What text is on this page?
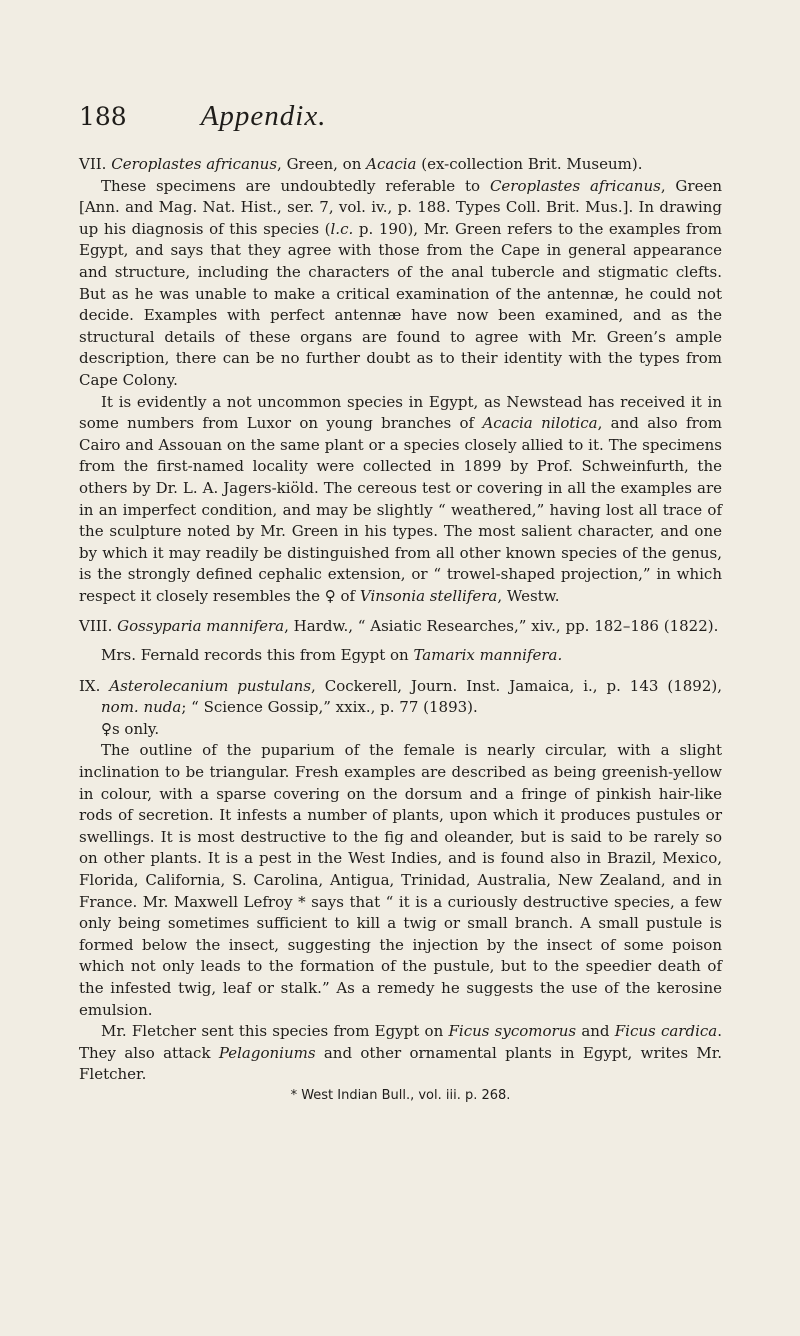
188	Appendix.

VII. Ceroplastes africanus, Green, on Acacia (ex-collection Brit. Museum).

These specimens are undoubtedly referable to Ceroplastes africanus, Green [Ann. and Mag. Nat. Hist., ser. 7, vol. iv., p. 188. Types Coll. Brit. Mus.]. In drawing up his diagnosis of this species (l.c. p. 190), Mr. Green refers to the examples from Egypt, and says that they agree with those from the Cape in general appearance and structure, including the characters of the anal tubercle and stigmatic clefts. But as he was unable to make a critical examination of the antennæ, he could not decide. Examples with perfect antennæ have now been examined, and as the structural details of these organs are found to agree with Mr. Green’s ample description, there can be no further doubt as to their identity with the types from Cape Colony.

It is evidently a not uncommon species in Egypt, as Newstead has received it in some numbers from Luxor on young branches of Acacia nilotica, and also from Cairo and Assouan on the same plant or a species closely allied to it. The specimens from the first-named locality were collected in 1899 by Prof. Schweinfurth, the others by Dr. L. A. Jagers-kiöld. The cereous test or covering in all the examples are in an imperfect condition, and may be slightly “ weathered,” having lost all trace of the sculpture noted by Mr. Green in his types. The most salient character, and one by which it may readily be distinguished from all other known species of the genus, is the strongly defined cephalic extension, or “ trowel-shaped projection,” in which respect it closely resembles the ♀ of Vinsonia stellifera, Westw.

VIII. Gossyparia mannifera, Hardw., “ Asiatic Researches,” xiv., pp. 182–186 (1822).

Mrs. Fernald records this from Egypt on Tamarix mannifera.

IX. Asterolecanium pustulans, Cockerell, Journ. Inst. Jamaica, i., p. 143 (1892), nom. nuda; “ Science Gossip,” xxix., p. 77 (1893).

♀s only.

The outline of the puparium of the female is nearly circular, with a slight inclination to be triangular. Fresh examples are described as being greenish-yellow in colour, with a sparse covering on the dorsum and a fringe of pinkish hair-like rods of secretion. It infests a number of plants, upon which it produces pustules or swellings. It is most destructive to the fig and oleander, but is said to be rarely so on other plants. It is a pest in the West Indies, and is found also in Brazil, Mexico, Florida, California, S. Carolina, Antigua, Trinidad, Australia, New Zealand, and in France. Mr. Maxwell Lefroy * says that “ it is a curiously destructive species, a few only being sometimes sufficient to kill a twig or small branch. A small pustule is formed below the insect, suggesting the injection by the insect of some poison which not only leads to the formation of the pustule, but to the speedier death of the infested twig, leaf or stalk.” As a remedy he suggests the use of the kerosine emulsion.

Mr. Fletcher sent this species from Egypt on Ficus sycomorus and Ficus cardica. They also attack Pelagoniums and other ornamental plants in Egypt, writes Mr. Fletcher.

* West Indian Bull., vol. iii. p. 268.
